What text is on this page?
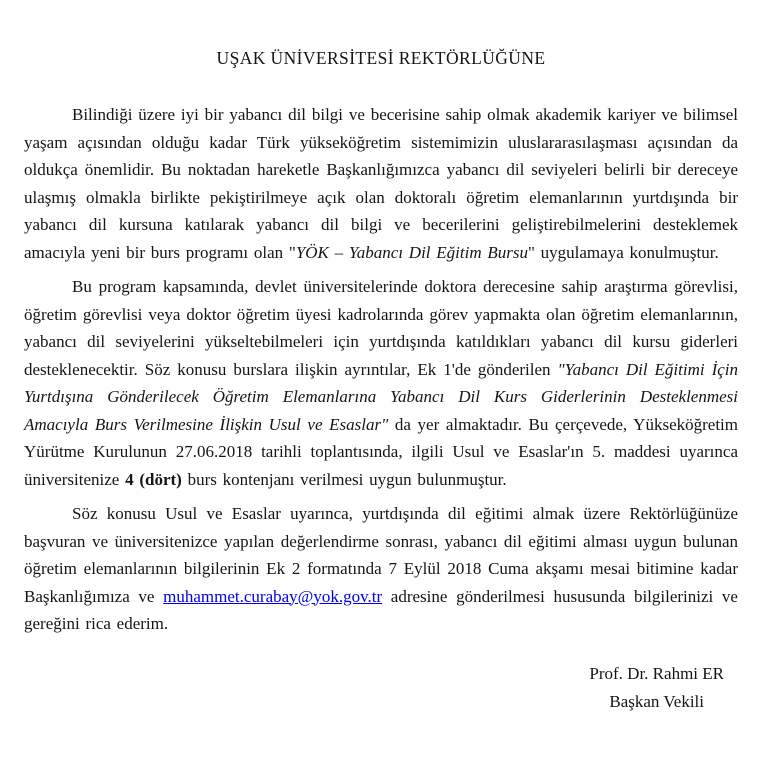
UŞAK ÜNİVERSİTESİ REKTÖRLÜĞÜNE

Bilindiği üzere iyi bir yabancı dil bilgi ve becerisine sahip olmak akademik kariyer ve bilimsel yaşam açısından olduğu kadar Türk yükseköğretim sistemimizin uluslararasılaşması açısından da oldukça önemlidir. Bu noktadan hareketle Başkanlığımızca yabancı dil seviyeleri belirli bir dereceye ulaşmış olmakla birlikte pekiştirilmeye açık olan doktoralı öğretim elemanlarının yurtdışında bir yabancı dil kursuna katılarak yabancı dil bilgi ve becerilerini geliştirebilmelerini desteklemek amacıyla yeni bir burs programı olan "YÖK – Yabancı Dil Eğitim Bursu" uygulamaya konulmuştur.

Bu program kapsamında, devlet üniversitelerinde doktora derecesine sahip araştırma görevlisi, öğretim görevlisi veya doktor öğretim üyesi kadrolarında görev yapmakta olan öğretim elemanlarının, yabancı dil seviyelerini yükseltebilmeleri için yurtdışında katıldıkları yabancı dil kursu giderleri desteklenecektir. Söz konusu burslara ilişkin ayrıntılar, Ek 1'de gönderilen "Yabancı Dil Eğitimi İçin Yurtdışına Gönderilecek Öğretim Elemanlarına Yabancı Dil Kurs Giderlerinin Desteklenmesi Amacıyla Burs Verilmesine İlişkin Usul ve Esaslar" da yer almaktadır. Bu çerçevede, Yükseköğretim Yürütme Kurulunun 27.06.2018 tarihli toplantısında, ilgili Usul ve Esaslar'ın 5. maddesi uyarınca üniversitenize 4 (dört) burs kontenjanı verilmesi uygun bulunmuştur.

Söz konusu Usul ve Esaslar uyarınca, yurtdışında dil eğitimi almak üzere Rektörlüğünüze başvuran ve üniversitenizce yapılan değerlendirme sonrası, yabancı dil eğitimi alması uygun bulunan öğretim elemanlarının bilgilerinin Ek 2 formatında 7 Eylül 2018 Cuma akşamı mesai bitimine kadar Başkanlığımıza ve muhammet.curabay@yok.gov.tr adresine gönderilmesi hususunda bilgilerinizi ve gereğini rica ederim.

Prof. Dr. Rahmi ER
Başkan Vekili
